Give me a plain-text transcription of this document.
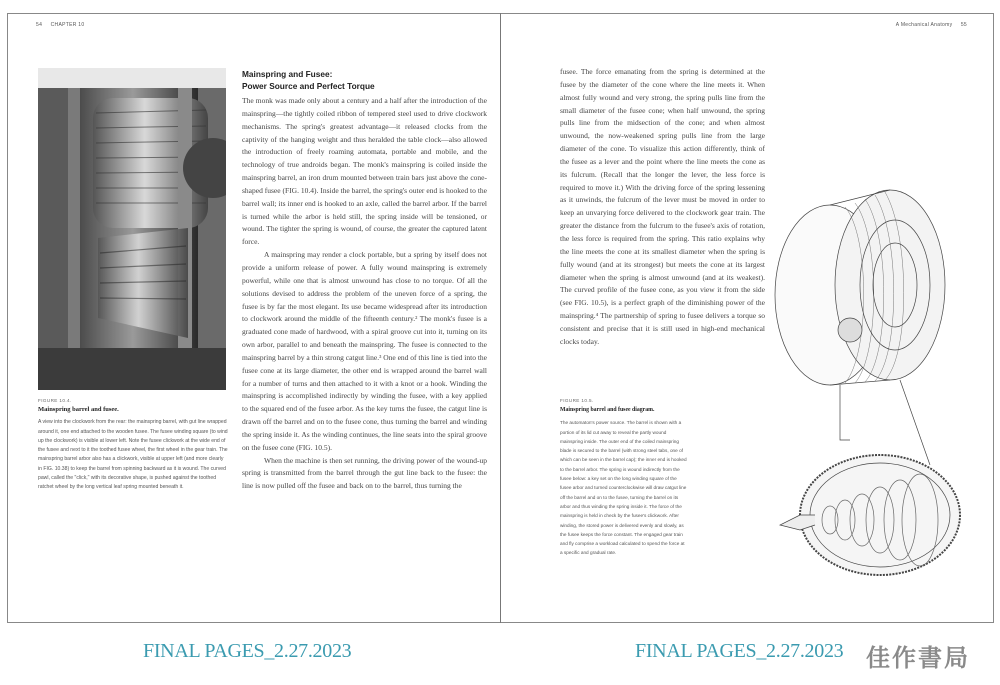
54 CHAPTER 10	A Mechanical Anatomy 55
FIGURE 10.4.
Mainspring barrel and fusee.
A view into the clockwork from the rear: the mainspring barrel, with gut line wrapped around it, one end attached to the wooden fusee. The fusee winding square (to wind up the clockwork) is visible at lower left. Note the fusee clickwork at the wide end of the fusee and next to it the toothed fusee wheel, the first wheel in the gear train. The mainspring barrel arbor also has a clickwork, visible at upper left (and more clearly in FIG. 10.38) to keep the barrel from spinning backward as it is wound. The curved pawl, called the "click," with its decorative shape, is pushed against the toothed ratchet wheel by the long vertical leaf spring mounted beneath it.
Mainspring and Fusee:
Power Source and Perfect Torque

The monk was made only about a century and a half after the introduction of the mainspring—the tightly coiled ribbon of tempered steel used to drive clockwork mechanisms. The spring's greatest advantage—it released clocks from the captivity of the hanging weight and thus heralded the table clock—also allowed the introduction of freely roaming automata, portable and mobile, and the technology of true androids began. The monk's mainspring is coiled inside the mainspring barrel, an iron drum mounted between train bars just above the cone-shaped fusee (FIG. 10.4). Inside the barrel, the spring's outer end is hooked to the barrel wall; its inner end is hooked to an axle, called the barrel arbor. If the barrel is turned while the arbor is held still, the spring inside will be tensioned, or wound. The tighter the spring is wound, of course, the greater the captured latent force.

A mainspring may render a clock portable, but a spring by itself does not provide a uniform release of power. A fully wound mainspring is extremely powerful, while one that is almost unwound has close to no torque. Of all the solutions devised to address the problem of the uneven force of a spring, the fusee is by far the most elegant. Its use became widespread after its introduction to clockwork around the middle of the fifteenth century.² The monk's fusee is a graduated cone made of hardwood, with a spiral groove cut into it, turning on its own arbor, parallel to and beneath the mainspring. The fusee is connected to the mainspring barrel by a thin strong catgut line.³ One end of this line is tied into the fusee cone at its large diameter, the other end is wrapped around the barrel wall for a number of turns and then attached to it with a knot or a hook. Winding the mainspring is accomplished indirectly by winding the fusee, with a key applied to the squared end of the fusee arbor. As the key turns the fusee, the catgut line is drawn off the barrel and on to the fusee cone, thus turning the barrel and winding the spring inside it. As the winding continues, the line seats into the spiral groove on the fusee cone (FIG. 10.5).

When the machine is then set running, the driving power of the wound-up spring is transmitted from the barrel through the gut line back to the fusee: the line is now pulled off the fusee and back on to the barrel, thus turning the

fusee. The force emanating from the spring is determined at the fusee by the diameter of the cone where the line meets it. When almost fully wound and very strong, the spring pulls line from the small diameter of the fusee cone; when half unwound, the spring pulls line from the midsection of the cone; and when almost unwound, the now-weakened spring pulls line from the large diameter of the cone. To visualize this action differently, think of the fusee as a lever and the point where the line meets the cone as its fulcrum. (Recall that the longer the lever, the less force is required to move it.) With the driving force of the spring lessening as it unwinds, the fulcrum of the lever must be moved in order to keep an unvarying force delivered to the clockwork gear train. The greater the distance from the fulcrum to the fusee's axis of rotation, the less force is required from the spring. This ratio explains why the line meets the cone at its smallest diameter when the spring is fully wound (and at its strongest) but meets the cone at its largest diameter when the spring is almost unwound (and at its weakest). The curved profile of the fusee cone, as you view it from the side (see FIG. 10.5), is a perfect graph of the diminishing power of the mainspring.⁴ The partnership of spring to fusee delivers a torque so consistent and precise that it is still used in high-end mechanical clocks today.

FIGURE 10.5.
Mainspring barrel and fusee diagram.
The automaton's power source. The barrel is shown with a portion of its lid cut away to reveal the partly wound mainspring inside. The outer end of the coiled mainspring blade is secured to the barrel (with strong steel tabs, one of which can be seen in the barrel cap); the inner end is hooked to the barrel arbor. The spring is wound indirectly from the fusee below: a key set on the long winding square of the fusee arbor and turned counterclockwise will draw catgut line off the barrel and on to the fusee, turning the barrel on its arbor and thus winding the spring inside it. The force of the mainspring is held in check by the fusee's clickwork. After winding, the stored power is delivered evenly and slowly, as the fusee keeps the force constant. The engaged gear train and fly comprise a workload calculated to spend the force at a specific and gradual rate.
FINAL PAGES_2.27.2023	FINAL PAGES_2.27.2023 佳作書局
